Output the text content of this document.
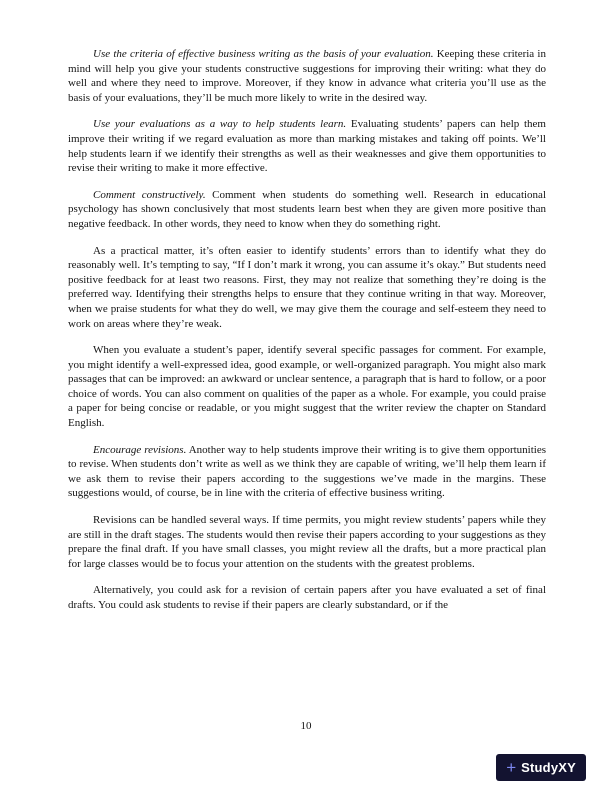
Use the criteria of effective business writing as the basis of your evaluation. Keeping these criteria in mind will help you give your students constructive suggestions for improving their writing: what they do well and where they need to improve. Moreover, if they know in advance what criteria you’ll use as the basis of your evaluations, they’ll be much more likely to write in the desired way.

Use your evaluations as a way to help students learn. Evaluating students’ papers can help them improve their writing if we regard evaluation as more than marking mistakes and taking off points. We’ll help students learn if we identify their strengths as well as their weaknesses and give them opportunities to revise their writing to make it more effective.

Comment constructively. Comment when students do something well. Research in educational psychology has shown conclusively that most students learn best when they are given more positive than negative feedback. In other words, they need to know when they do something right.

As a practical matter, it’s often easier to identify students’ errors than to identify what they do reasonably well. It’s tempting to say, “If I don’t mark it wrong, you can assume it’s okay.” But students need positive feedback for at least two reasons. First, they may not realize that something they’re doing is the preferred way. Identifying their strengths helps to ensure that they continue writing in that way. Moreover, when we praise students for what they do well, we may give them the courage and self-esteem they need to work on areas where they’re weak.

When you evaluate a student’s paper, identify several specific passages for comment. For example, you might identify a well-expressed idea, good example, or well-organized paragraph. You might also mark passages that can be improved: an awkward or unclear sentence, a paragraph that is hard to follow, or a poor choice of words. You can also comment on qualities of the paper as a whole. For example, you could praise a paper for being concise or readable, or you might suggest that the writer review the chapter on Standard English.

Encourage revisions. Another way to help students improve their writing is to give them opportunities to revise. When students don’t write as well as we think they are capable of writing, we’ll help them learn if we ask them to revise their papers according to the suggestions we’ve made in the margins. These suggestions would, of course, be in line with the criteria of effective business writing.

Revisions can be handled several ways. If time permits, you might review students’ papers while they are still in the draft stages. The students would then revise their papers according to your suggestions as they prepare the final draft. If you have small classes, you might review all the drafts, but a more practical plan for large classes would be to focus your attention on the students with the greatest problems.

Alternatively, you could ask for a revision of certain papers after you have evaluated a set of final drafts. You could ask students to revise if their papers are clearly substandard, or if the

10
+ StudyXY
